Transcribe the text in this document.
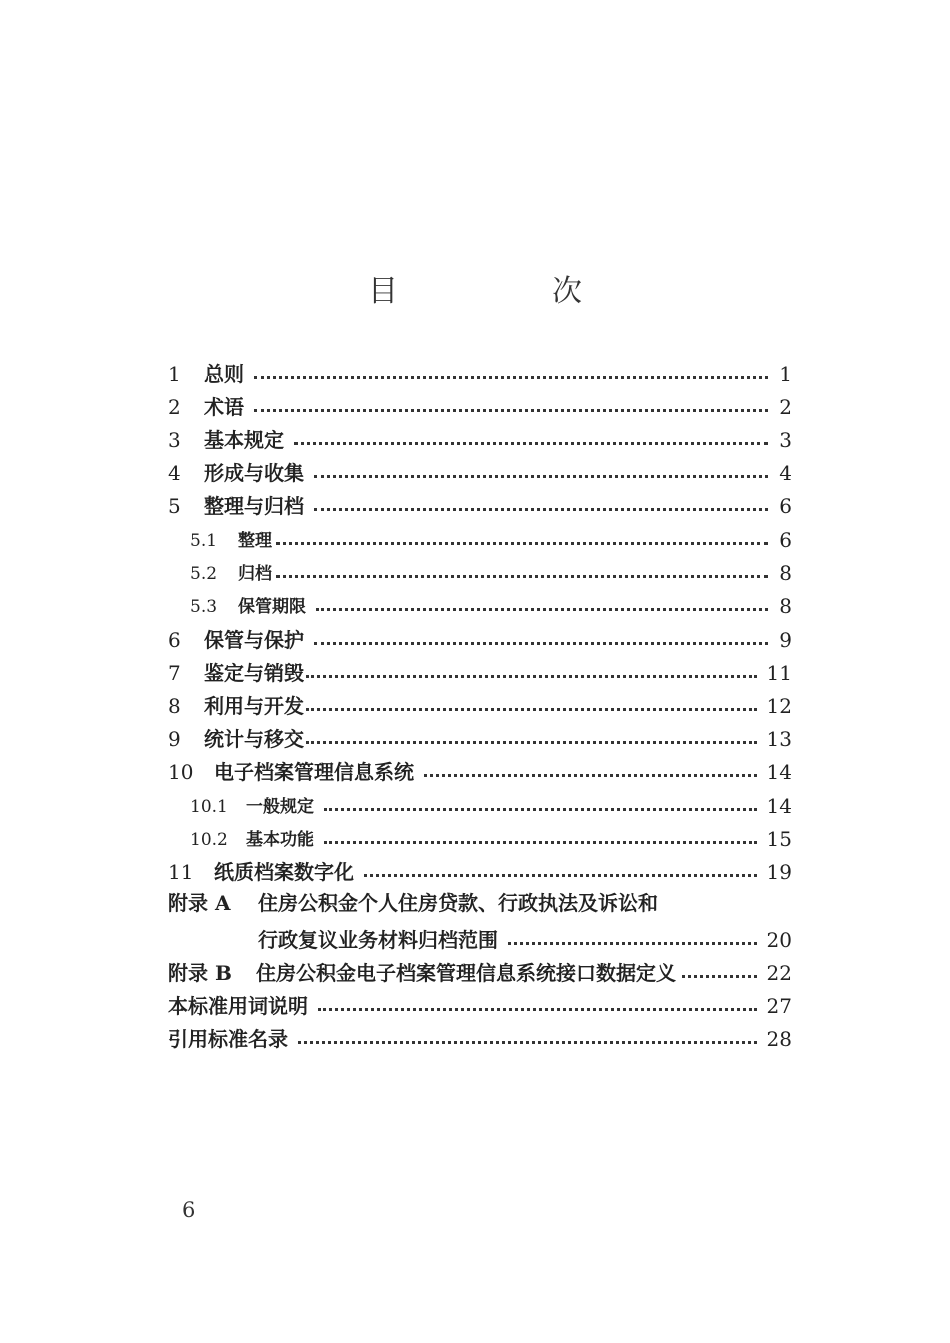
目　次
1	总则	1
2	术语	2
3	基本规定	3
4	形成与收集	4
5	整理与归档	6
5.1	整理	6
5.2	归档	8
5.3	保管期限	8
6	保管与保护	9
7	鉴定与销毁	11
8	利用与开发	12
9	统计与移交	13
10	电子档案管理信息系统	14
10.1	一般规定	14
10.2	基本功能	15
11	纸质档案数字化	19
附录 A	住房公积金个人住房贷款、行政执法及诉讼和
行政复议业务材料归档范围	20
附录 B	住房公积金电子档案管理信息系统接口数据定义	22
本标准用词说明	27
引用标准名录	28
6
